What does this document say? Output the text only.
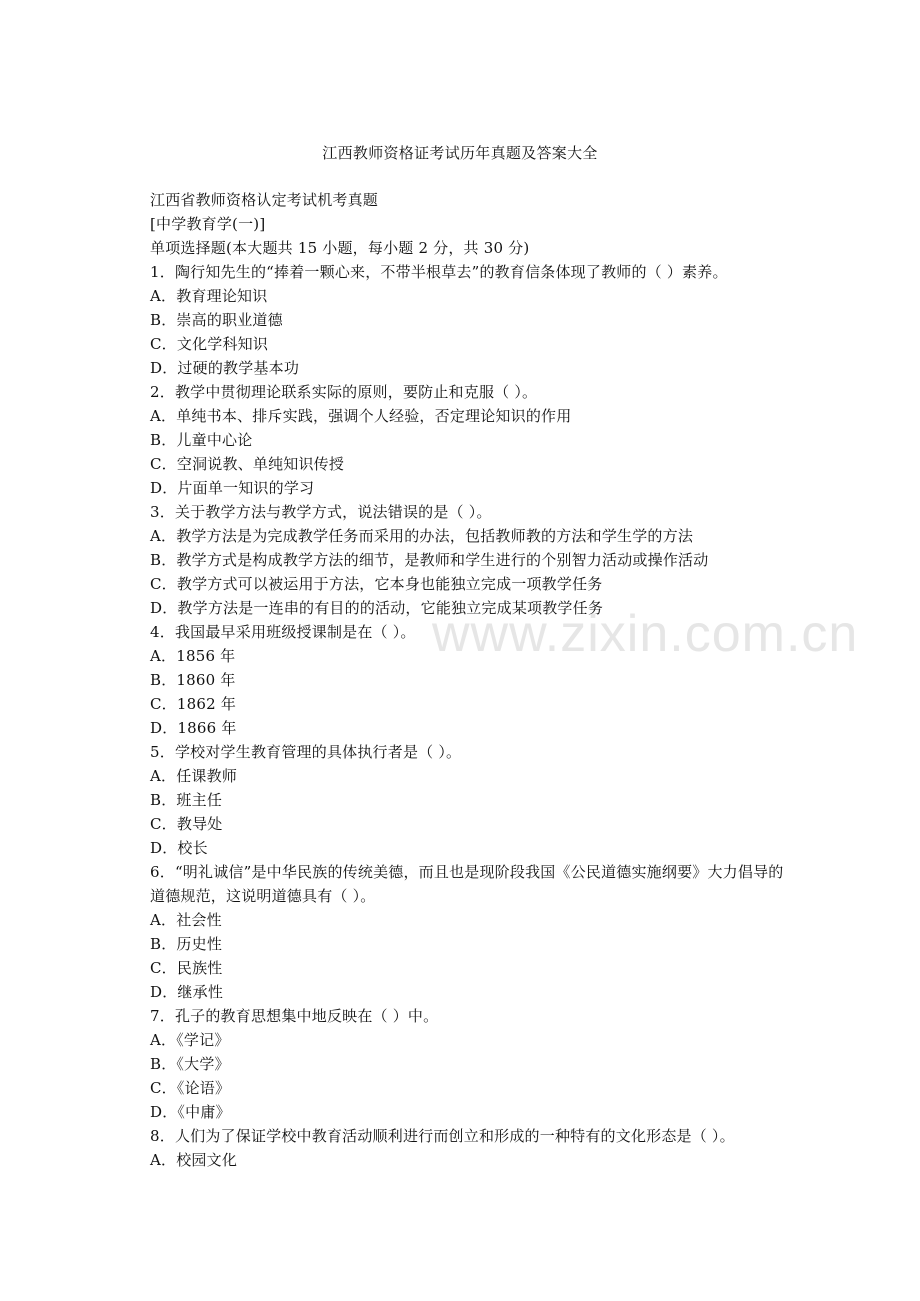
江西教师资格证考试历年真题及答案大全
www.zixin.com.cn
江西省教师资格认定考试机考真题
[中学教育学(一)]
单项选择题(本大题共 15 小题，每小题 2 分，共 30 分)
1．陶行知先生的“捧着一颗心来，不带半根草去”的教育信条体现了教师的（ ）素养。
A．教育理论知识
B．崇高的职业道德
C．文化学科知识
D．过硬的教学基本功
2．教学中贯彻理论联系实际的原则，要防止和克服（ ）。
A．单纯书本、排斥实践，强调个人经验，否定理论知识的作用
B．儿童中心论
C．空洞说教、单纯知识传授
D．片面单一知识的学习
3．关于教学方法与教学方式，说法错误的是（ ）。
A．教学方法是为完成教学任务而采用的办法，包括教师教的方法和学生学的方法
B．教学方式是构成教学方法的细节，是教师和学生进行的个别智力活动或操作活动
C．教学方式可以被运用于方法，它本身也能独立完成一项教学任务
D．教学方法是一连串的有目的的活动，它能独立完成某项教学任务
4．我国最早采用班级授课制是在（ ）。
A．1856 年
B．1860 年
C．1862 年
D．1866 年
5．学校对学生教育管理的具体执行者是（ ）。
A．任课教师
B．班主任
C．教导处
D．校长
6．“明礼诚信”是中华民族的传统美德，而且也是现阶段我国《公民道德实施纲要》大力倡导的道德规范，这说明道德具有（ ）。
A．社会性
B．历史性
C．民族性
D．继承性
7．孔子的教育思想集中地反映在（ ）中。
A．《学记》
B．《大学》
C．《论语》
D．《中庸》
8．人们为了保证学校中教育活动顺利进行而创立和形成的一种特有的文化形态是（ ）。
A．校园文化
